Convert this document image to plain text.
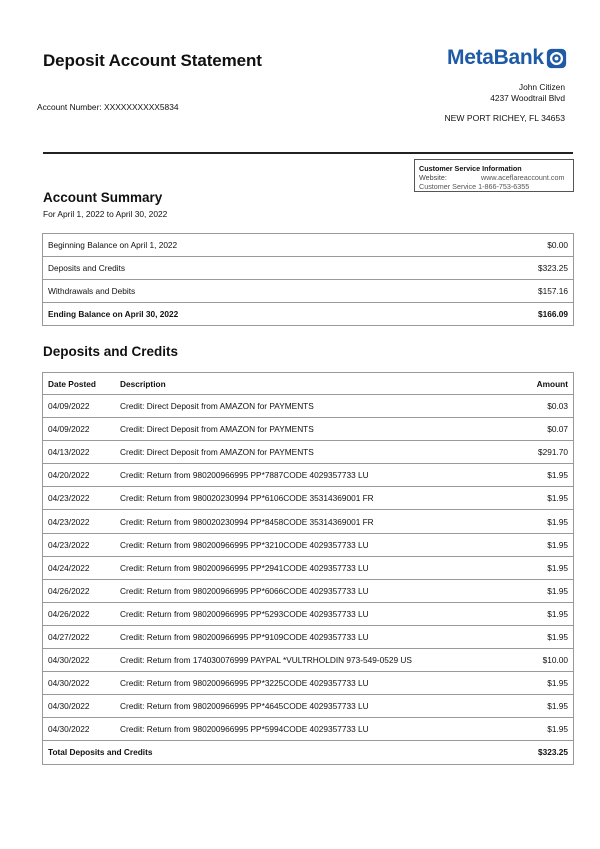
Deposit Account Statement	MetaBank
John Citizen
4237 Woodtrail Blvd
NEW PORT RICHEY, FL 34653
Account Number: XXXXXXXXXX5834
Customer Service Information
Website:	www.aceflareaccount.com
Customer Service 1-866-753-6355
Account Summary
For April 1, 2022 to April 30, 2022
Beginning Balance on April 1, 2022	$0.00
Deposits and Credits	$323.25
Withdrawals and Debits	$157.16
Ending Balance on April 30, 2022	$166.09
Deposits and Credits
Date Posted	Description	Amount
04/09/2022	Credit: Direct Deposit from AMAZON for PAYMENTS	$0.03
04/09/2022	Credit: Direct Deposit from AMAZON for PAYMENTS	$0.07
04/13/2022	Credit: Direct Deposit from AMAZON for PAYMENTS	$291.70
04/20/2022	Credit: Return from 980200966995 PP*7887CODE 4029357733 LU	$1.95
04/23/2022	Credit: Return from 980020230994 PP*6106CODE 35314369001 FR	$1.95
04/23/2022	Credit: Return from 980020230994 PP*8458CODE 35314369001 FR	$1.95
04/23/2022	Credit: Return from 980200966995 PP*3210CODE 4029357733 LU	$1.95
04/24/2022	Credit: Return from 980200966995 PP*2941CODE 4029357733 LU	$1.95
04/26/2022	Credit: Return from 980200966995 PP*6066CODE 4029357733 LU	$1.95
04/26/2022	Credit: Return from 980200966995 PP*5293CODE 4029357733 LU	$1.95
04/27/2022	Credit: Return from 980200966995 PP*9109CODE 4029357733 LU	$1.95
04/30/2022	Credit: Return from 174030076999 PAYPAL *VULTRHOLDIN 973-549-0529 US	$10.00
04/30/2022	Credit: Return from 980200966995 PP*3225CODE 4029357733 LU	$1.95
04/30/2022	Credit: Return from 980200966995 PP*4645CODE 4029357733 LU	$1.95
04/30/2022	Credit: Return from 980200966995 PP*5994CODE 4029357733 LU	$1.95
Total Deposits and Credits		$323.25
